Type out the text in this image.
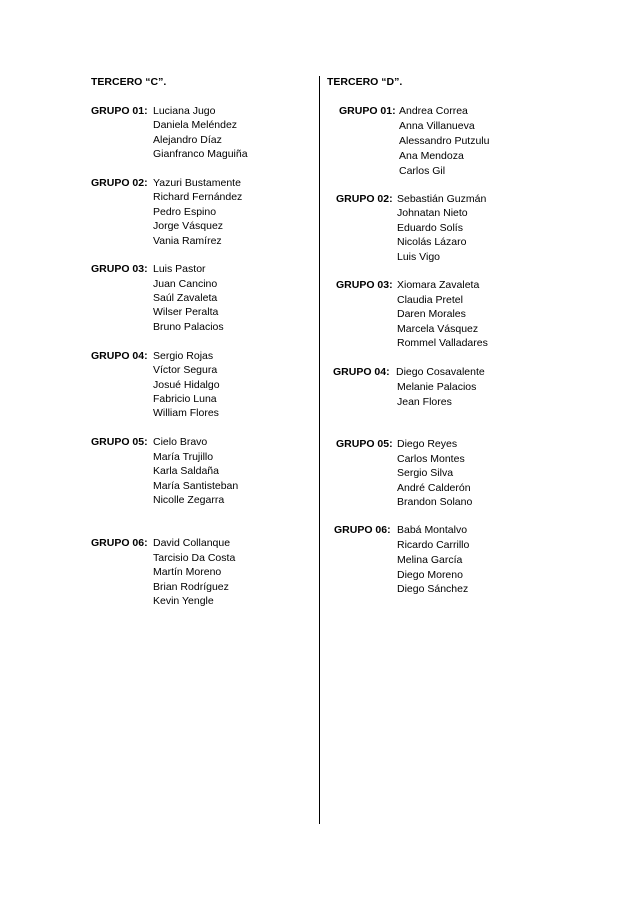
TERCERO “C”.
GRUPO 01: Luciana Jugo
Daniela Meléndez
Alejandro Díaz
Gianfranco Maguiña
GRUPO 02: Yazuri Bustamente
Richard Fernández
Pedro Espino
Jorge Vásquez
Vania Ramírez
GRUPO 03: Luis Pastor
Juan Cancino
Saúl Zavaleta
Wilser Peralta
Bruno Palacios
GRUPO 04: Sergio Rojas
Víctor Segura
Josué Hidalgo
Fabricio Luna
William Flores
GRUPO 05: Cielo Bravo
María Trujillo
Karla Saldaña
María Santisteban
Nicolle Zegarra
GRUPO 06: David Collanque
Tarcisio Da Costa
Martín Moreno
Brian Rodríguez
Kevin Yengle
TERCERO “D”.
GRUPO 01: Andrea Correa
Anna Villanueva
Alessandro Putzulu
Ana Mendoza
Carlos Gil
GRUPO 02: Sebastián Guzmán
Johnatan Nieto
Eduardo Solís
Nicolás Lázaro
Luis Vigo
GRUPO 03: Xiomara Zavaleta
Claudia Pretel
Daren Morales
Marcela Vásquez
Rommel Valladares
GRUPO 04: Diego Cosavalente
Melanie Palacios
Jean Flores
GRUPO 05: Diego Reyes
Carlos Montes
Sergio Silva
André Calderón
Brandon Solano
GRUPO 06: Babá Montalvo
Ricardo Carrillo
Melina García
Diego Moreno
Diego Sánchez
